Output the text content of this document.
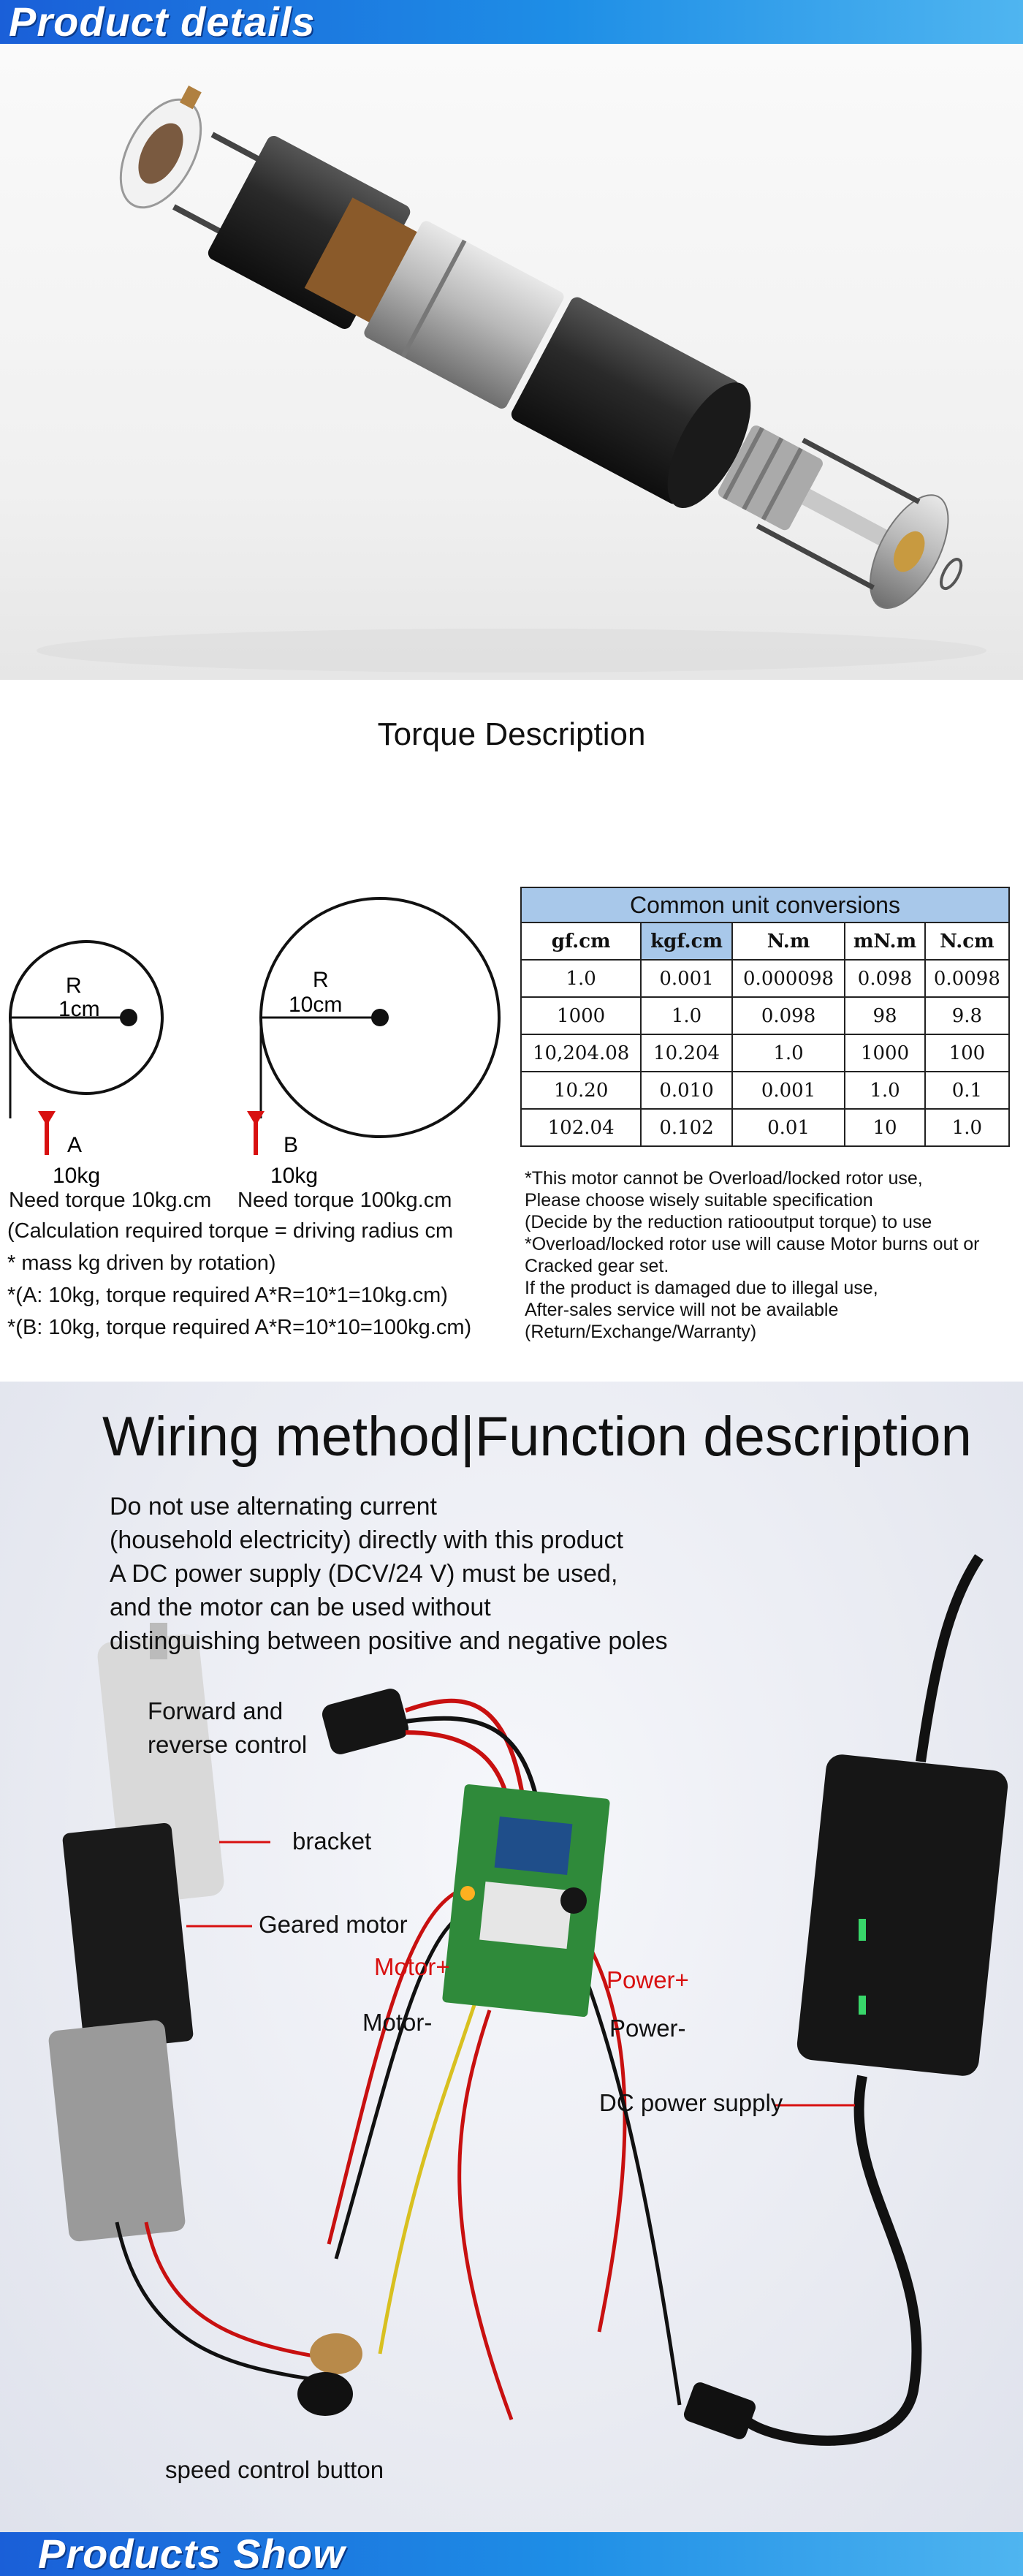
Product details
Torque Description
R
1cm
A
10kg
R
10cm
B
10kg
Need torque 10kg.cm Need torque 100kg.cm
(Calculation required torque = driving radius cm
* mass kg driven by rotation)
*(A: 10kg, torque required A*R=10*1=10kg.cm)
*(B: 10kg, torque required A*R=10*10=100kg.cm)
Common unit conversions				
gf.cm	kgf.cm	N.m	mN.m	N.cm
1.0	0.001	0.000098	0.098	0.0098
1000	1.0	0.098	98	9.8
10,204.08	10.204	1.0	1000	100
10.20	0.010	0.001	1.0	0.1
102.04	0.102	0.01	10	1.0
*This motor cannot be Overload/locked rotor use,
Please choose wisely suitable specification
(Decide by the reduction ratiooutput torque) to use
*Overload/locked rotor use will cause Motor burns out or
Cracked gear set.
If the product is damaged due to illegal use,
After-sales service will not be available
(Return/Exchange/Warranty)
Wiring method|Function description
Do not use alternating current
(household electricity) directly with this product
A DC power supply (DCV/24 V) must be used,
and the motor can be used without
distinguishing between positive and negative poles
Forward and
reverse control
bracket
Geared motor
Motor+
Motor-
Power+
Power-
DC power supply
speed control button
Products Show
